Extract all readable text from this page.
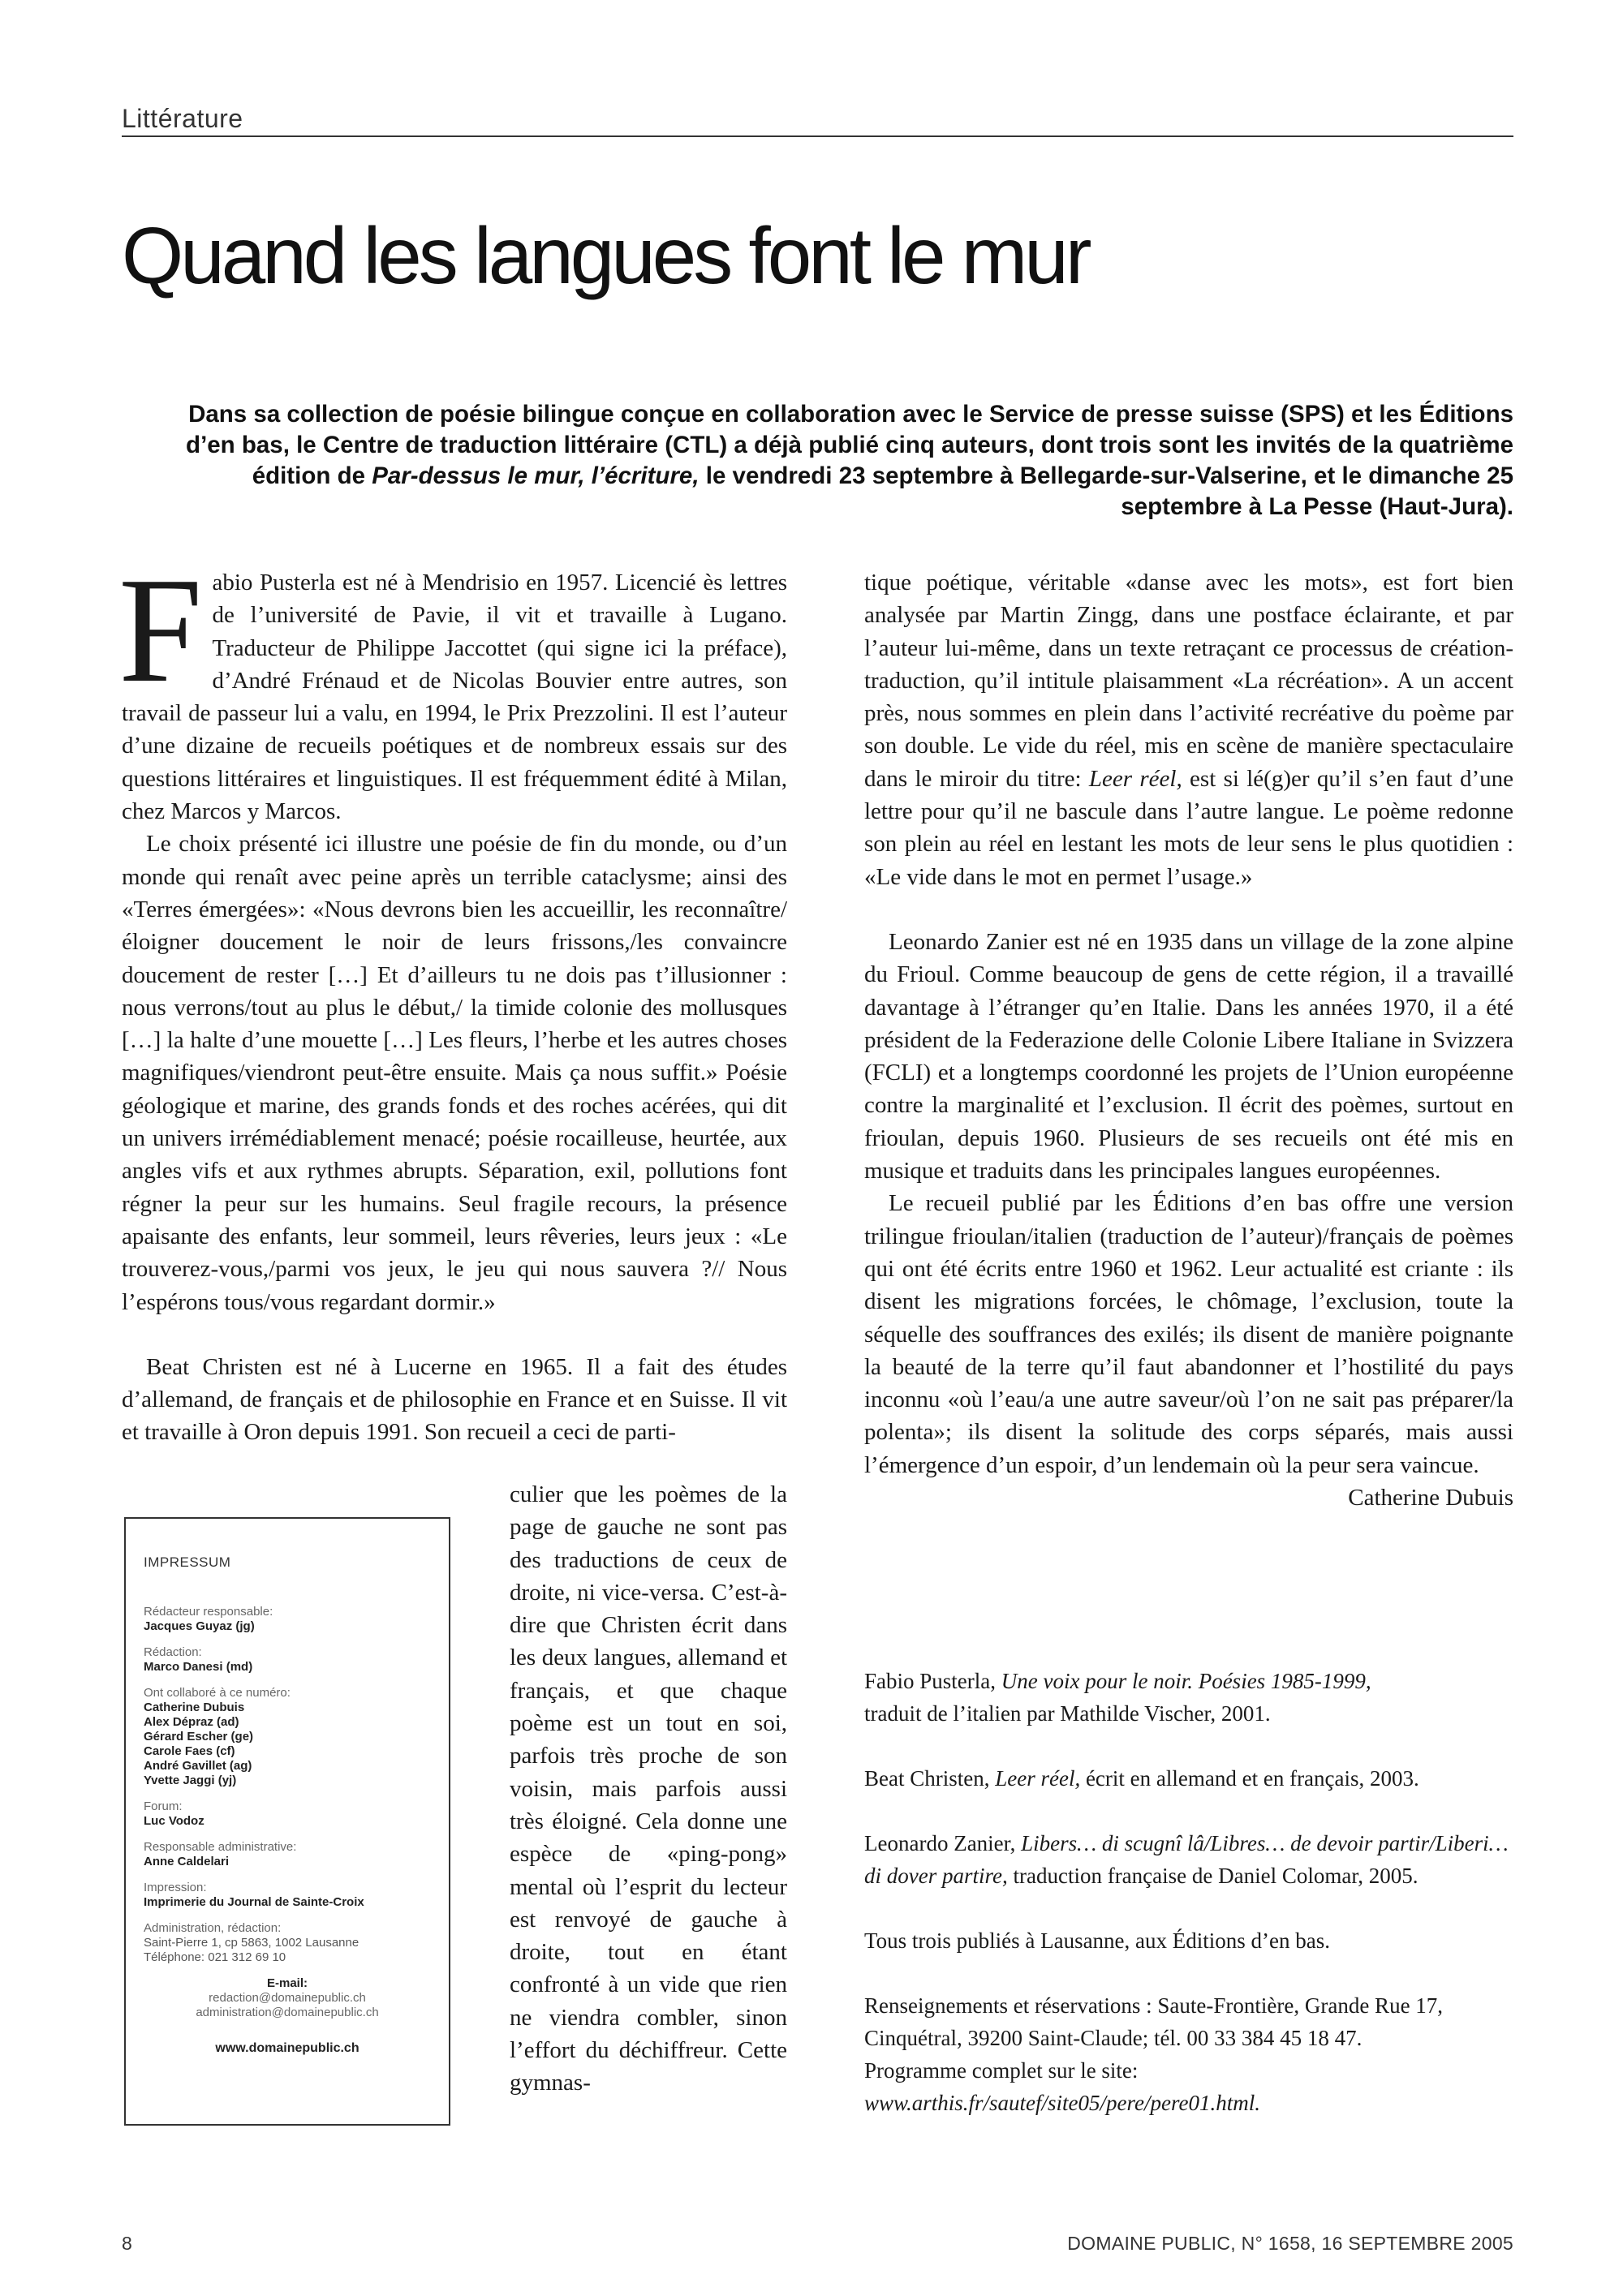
Littérature
Quand les langues font le mur
Dans sa collection de poésie bilingue conçue en collaboration avec le Service de presse suisse (SPS) et les Éditions d’en bas, le Centre de traduction littéraire (CTL) a déjà publié cinq auteurs, dont trois sont les invités de la quatrième édition de Par-dessus le mur, l’écriture, le vendredi 23 septembre à Bellegarde-sur-Valserine, et le dimanche 25 septembre à La Pesse (Haut-Jura).

Fabio Pusterla est né à Mendrisio en 1957. Licencié ès lettres de l’université de Pavie, il vit et travaille à Lugano. Traducteur de Philippe Jaccottet (qui signe ici la préface), d’André Frénaud et de Nicolas Bouvier entre autres, son travail de passeur lui a valu, en 1994, le Prix Prezzolini. Il est l’auteur d’une dizaine de recueils poétiques et de nombreux essais sur des questions littéraires et linguistiques. Il est fréquemment édité à Milan, chez Marcos y Marcos.

Le choix présenté ici illustre une poésie de fin du monde, ou d’un monde qui renaît avec peine après un terrible cataclysme; ainsi des «Terres émergées»: «Nous devrons bien les accueillir, les reconnaître/éloigner doucement le noir de leurs frissons,/les convaincre doucement de rester […] Et d’ailleurs tu ne dois pas t’illusionner : nous verrons/tout au plus le début,/ la timide colonie des mollusques […] la halte d’une mouette […] Les fleurs, l’herbe et les autres choses magnifiques/viendront peut-être ensuite. Mais ça nous suffit.» Poésie géologique et marine, des grands fonds et des roches acérées, qui dit un univers irrémédiablement menacé; poésie rocailleuse, heurtée, aux angles vifs et aux rythmes abrupts. Séparation, exil, pollutions font régner la peur sur les humains. Seul fragile recours, la présence apaisante des enfants, leur sommeil, leurs rêveries, leurs jeux : «Le trouverez-vous,/parmi vos jeux, le jeu qui nous sauvera ?// Nous l’espérons tous/vous regardant dormir.»

Beat Christen est né à Lucerne en 1965. Il a fait des études d’allemand, de français et de philosophie en France et en Suisse. Il vit et travaille à Oron depuis 1991. Son recueil a ceci de parti-

culier que les poèmes de la page de gauche ne sont pas des traductions de ceux de droite, ni vice-versa. C’est-à-dire que Christen écrit dans les deux langues, allemand et français, et que chaque poème est un tout en soi, parfois très proche de son voisin, mais parfois aussi très éloigné. Cela donne une espèce de «ping-pong» mental où l’esprit du lecteur est renvoyé de gauche à droite, tout en étant confronté à un vide que rien ne viendra combler, sinon l’effort du déchiffreur. Cette gymnas-

IMPRESSUM
Rédacteur responsable:
Jacques Guyaz (jg)
Rédaction:
Marco Danesi (md)
Ont collaboré à ce numéro:
Catherine Dubuis
Alex Dépraz (ad)
Gérard Escher (ge)
Carole Faes (cf)
André Gavillet (ag)
Yvette Jaggi (yj)
Forum:
Luc Vodoz
Responsable administrative:
Anne Caldelari
Impression:
Imprimerie du Journal de Sainte-Croix
Administration, rédaction:
Saint-Pierre 1, cp 5863, 1002 Lausanne
Téléphone: 021 312 69 10
E-mail:
redaction@domainepublic.ch
administration@domainepublic.ch
www.domainepublic.ch

tique poétique, véritable «danse avec les mots», est fort bien analysée par Martin Zingg, dans une postface éclairante, et par l’auteur lui-même, dans un texte retraçant ce processus de création-traduction, qu’il intitule plaisamment «La récréation». A un accent près, nous sommes en plein dans l’activité recréative du poème par son double. Le vide du réel, mis en scène de manière spectaculaire dans le miroir du titre: Leer réel, est si lé(g)er qu’il s’en faut d’une lettre pour qu’il ne bascule dans l’autre langue. Le poème redonne son plein au réel en lestant les mots de leur sens le plus quotidien : «Le vide dans le mot en permet l’usage.»

Leonardo Zanier est né en 1935 dans un village de la zone alpine du Frioul. Comme beaucoup de gens de cette région, il a travaillé davantage à l’étranger qu’en Italie. Dans les années 1970, il a été président de la Federazione delle Colonie Libere Italiane in Svizzera (FCLI) et a longtemps coordonné les projets de l’Union européenne contre la marginalité et l’exclusion. Il écrit des poèmes, surtout en frioulan, depuis 1960. Plusieurs de ses recueils ont été mis en musique et traduits dans les principales langues européennes.

Le recueil publié par les Éditions d’en bas offre une version trilingue frioulan/italien (traduction de l’auteur)/français de poèmes qui ont été écrits entre 1960 et 1962. Leur actualité est criante : ils disent les migrations forcées, le chômage, l’exclusion, toute la séquelle des souffrances des exilés; ils disent de manière poignante la beauté de la terre qu’il faut abandonner et l’hostilité du pays inconnu «où l’eau/a une autre saveur/où l’on ne sait pas préparer/la polenta»; ils disent la solitude des corps séparés, mais aussi l’émergence d’un espoir, d’un lendemain où la peur sera vaincue.

Catherine Dubuis

Fabio Pusterla, Une voix pour le noir. Poésies 1985-1999,
traduit de l’italien par Mathilde Vischer, 2001.

Beat Christen, Leer réel, écrit en allemand et en français, 2003.

Leonardo Zanier, Libers… di scugnî lâ/Libres… de devoir partir/Liberi… di dover partire, traduction française de Daniel Colomar, 2005.

Tous trois publiés à Lausanne, aux Éditions d’en bas.

Renseignements et réservations : Saute-Frontière, Grande Rue 17, Cinquétral, 39200 Saint-Claude; tél. 00 33 384 45 18 47.
Programme complet sur le site:
www.arthis.fr/sautef/site05/pere/pere01.html.

8	DOMAINE PUBLIC, N° 1658, 16 SEPTEMBRE 2005
